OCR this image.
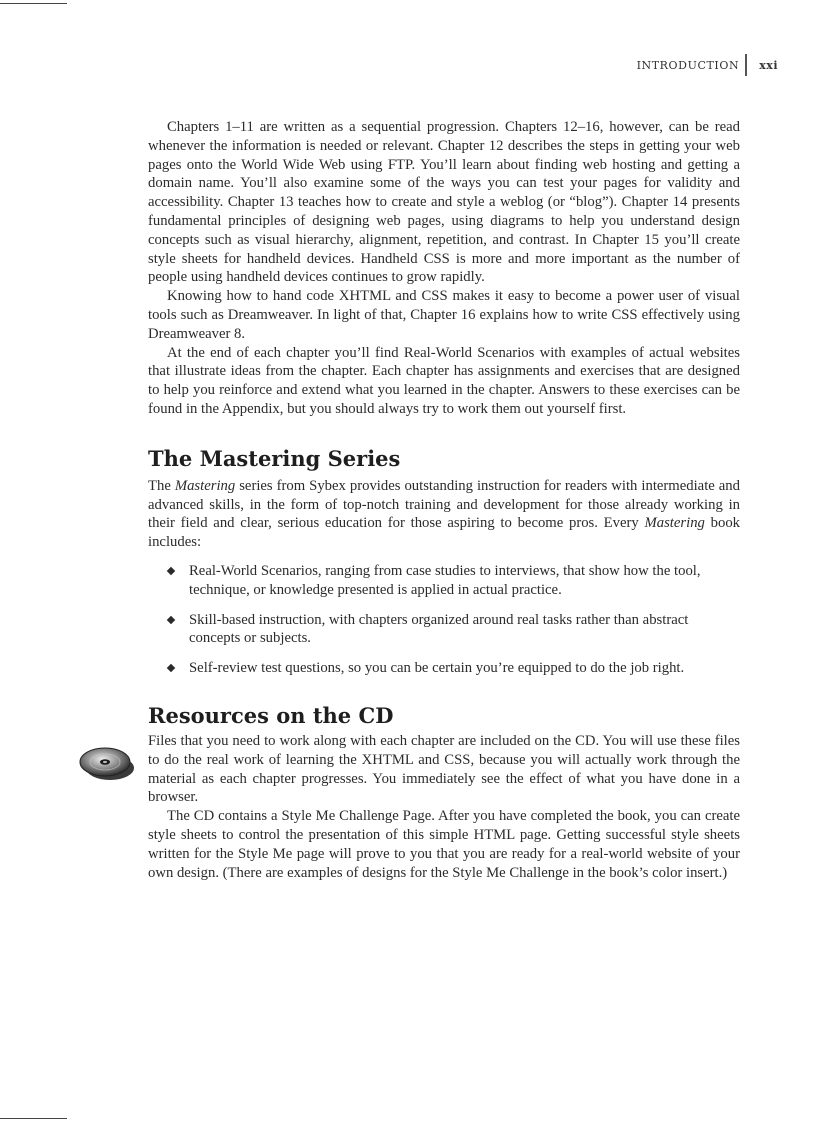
INTRODUCTION	xxi

Chapters 1–11 are written as a sequential progression. Chapters 12–16, however, can be read whenever the information is needed or relevant. Chapter 12 describes the steps in getting your web pages onto the World Wide Web using FTP. You’ll learn about finding web hosting and getting a domain name. You’ll also examine some of the ways you can test your pages for validity and accessibility. Chapter 13 teaches how to create and style a weblog (or “blog”). Chapter 14 presents fundamental principles of designing web pages, using diagrams to help you understand design concepts such as visual hierarchy, alignment, repetition, and contrast. In Chapter 15 you’ll create style sheets for handheld devices. Handheld CSS is more and more important as the number of people using handheld devices continues to grow rapidly.

Knowing how to hand code XHTML and CSS makes it easy to become a power user of visual tools such as Dreamweaver. In light of that, Chapter 16 explains how to write CSS effectively using Dreamweaver 8.

At the end of each chapter you’ll find Real-World Scenarios with examples of actual websites that illustrate ideas from the chapter. Each chapter has assignments and exercises that are designed to help you reinforce and extend what you learned in the chapter. Answers to these exercises can be found in the Appendix, but you should always try to work them out yourself first.

The Mastering Series

The Mastering series from Sybex provides outstanding instruction for readers with intermediate and advanced skills, in the form of top-notch training and development for those already working in their field and clear, serious education for those aspiring to become pros. Every Mastering book includes:

Real-World Scenarios, ranging from case studies to interviews, that show how the tool, technique, or knowledge presented is applied in actual practice.

Skill-based instruction, with chapters organized around real tasks rather than abstract concepts or subjects.

Self-review test questions, so you can be certain you’re equipped to do the job right.

Resources on the CD

Files that you need to work along with each chapter are included on the CD. You will use these files to do the real work of learning the XHTML and CSS, because you will actually work through the material as each chapter progresses. You immediately see the effect of what you have done in a browser.

The CD contains a Style Me Challenge Page. After you have completed the book, you can create style sheets to control the presentation of this simple HTML page. Getting successful style sheets written for the Style Me page will prove to you that you are ready for a real-world website of your own design. (There are examples of designs for the Style Me Challenge in the book’s color insert.)
